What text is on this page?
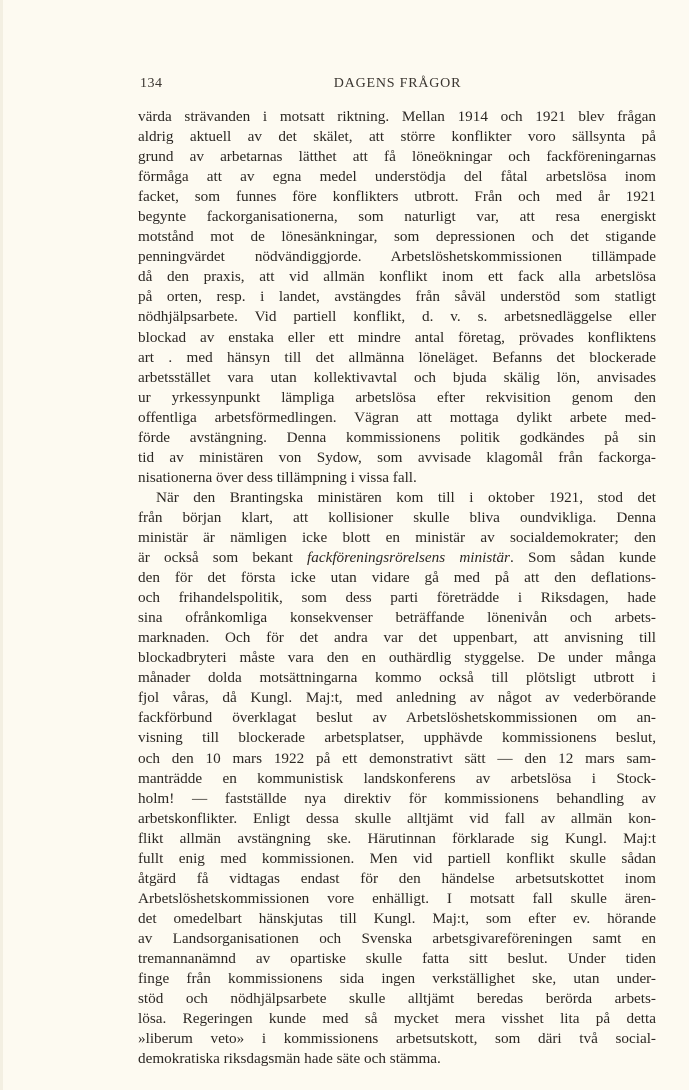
134	DAGENS FRÅGOR
värda strävanden i motsatt riktning. Mellan 1914 och 1921 blev frågan
aldrig aktuell av det skälet, att större konflikter voro sällsynta på
grund av arbetarnas lätthet att få löneökningar och fackföreningarnas
förmåga att av egna medel understödja del fåtal arbetslösa inom
facket, som funnes före konflikters utbrott. Från och med år 1921
begynte fackorganisationerna, som naturligt var, att resa energiskt
motstånd mot de lönesänkningar, som depressionen och det stigande
penningvärdet nödvändiggjorde. Arbetslöshetskommissionen tillämpade
då den praxis, att vid allmän konflikt inom ett fack alla arbetslösa
på orten, resp. i landet, avstängdes från såväl understöd som statligt
nödhjälpsarbete. Vid partiell konflikt, d. v. s. arbetsnedläggelse eller
blockad av enstaka eller ett mindre antal företag, prövades konfliktens
art . med hänsyn till det allmänna löneläget. Befanns det blockerade
arbetsstället vara utan kollektivavtal och bjuda skälig lön, anvisades
ur yrkessynpunkt lämpliga arbetslösa efter rekvisition genom den
offentliga arbetsförmedlingen. Vägran att mottaga dylikt arbete med-
förde avstängning. Denna kommissionens politik godkändes på sin
tid av ministären von Sydow, som avvisade klagomål från fackorga-
nisationerna över dess tillämpning i vissa fall.
När den Brantingska ministären kom till i oktober 1921, stod det
från början klart, att kollisioner skulle bliva oundvikliga. Denna
ministär är nämligen icke blott en ministär av socialdemokrater; den
är också som bekant fackföreningsrörelsens ministär. Som sådan kunde
den för det första icke utan vidare gå med på att den deflations-
och frihandelspolitik, som dess parti företrädde i Riksdagen, hade
sina ofrånkomliga konsekvenser beträffande lönenivån och arbets-
marknaden. Och för det andra var det uppenbart, att anvisning till
blockadbryteri måste vara den en outhärdlig styggelse. De under många
månader dolda motsättningarna kommo också till plötsligt utbrott i
fjol våras, då Kungl. Maj:t, med anledning av något av vederbörande
fackförbund överklagat beslut av Arbetslöshetskommissionen om an-
visning till blockerade arbetsplatser, upphävde kommissionens beslut,
och den 10 mars 1922 på ett demonstrativt sätt — den 12 mars sam-
manträdde en kommunistisk landskonferens av arbetslösa i Stock-
holm! — fastställde nya direktiv för kommissionens behandling av
arbetskonflikter. Enligt dessa skulle alltjämt vid fall av allmän kon-
flikt allmän avstängning ske. Härutinnan förklarade sig Kungl. Maj:t
fullt enig med kommissionen. Men vid partiell konflikt skulle sådan
åtgärd få vidtagas endast för den händelse arbetsutskottet inom
Arbetslöshetskommissionen vore enhälligt. I motsatt fall skulle ären-
det omedelbart hänskjutas till Kungl. Maj:t, som efter ev. hörande
av Landsorganisationen och Svenska arbetsgivareföreningen samt en
tremannanämnd av opartiske skulle fatta sitt beslut. Under tiden
finge från kommissionens sida ingen verkställighet ske, utan under-
stöd och nödhjälpsarbete skulle alltjämt beredas berörda arbets-
lösa. Regeringen kunde med så mycket mera visshet lita på detta
»liberum veto» i kommissionens arbetsutskott, som däri två social-
demokratiska riksdagsmän hade säte och stämma.
